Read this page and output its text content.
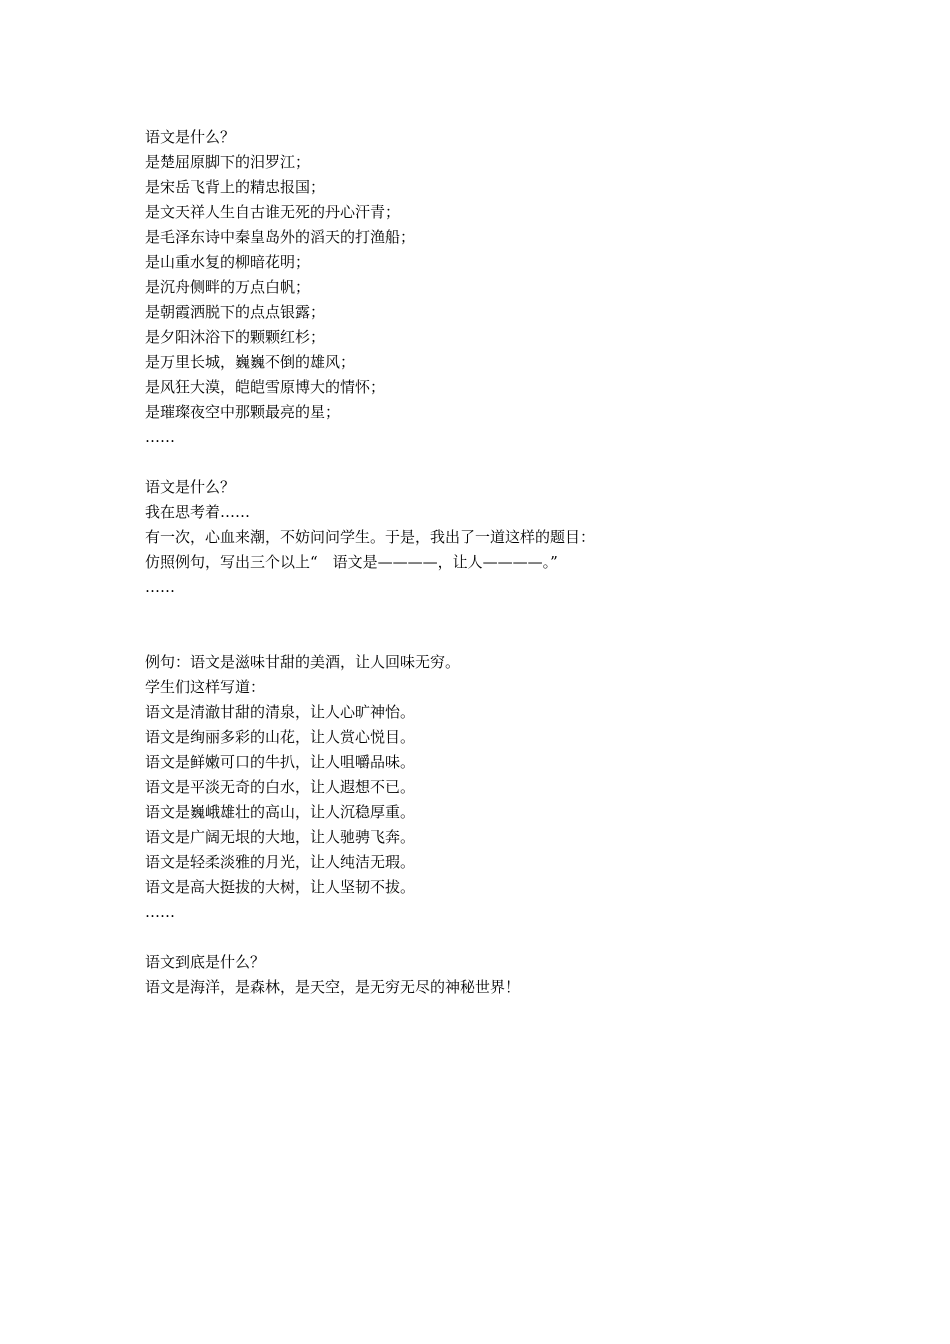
语文是什么？
是楚屈原脚下的汨罗江；
是宋岳飞背上的精忠报国；
是文天祥人生自古谁无死的丹心汗青；
是毛泽东诗中秦皇岛外的滔天的打渔船；
是山重水复的柳暗花明；
是沉舟侧畔的万点白帆；
是朝霞洒脱下的点点银露；
是夕阳沐浴下的颗颗红杉；
是万里长城，巍巍不倒的雄风；
是风狂大漠，皑皑雪原博大的情怀；
是璀璨夜空中那颗最亮的星；
……
语文是什么？
我在思考着……
有一次，心血来潮，不妨问问学生。于是，我出了一道这样的题目：
仿照例句，写出三个以上“　语文是————，让人————。”
……
例句：语文是滋味甘甜的美酒，让人回味无穷。
学生们这样写道：
语文是清澈甘甜的清泉，让人心旷神怡。
语文是绚丽多彩的山花，让人赏心悦目。
语文是鲜嫩可口的牛扒，让人咀嚼品味。
语文是平淡无奇的白水，让人遐想不已。
语文是巍峨雄壮的高山，让人沉稳厚重。
语文是广阔无垠的大地，让人驰骋飞奔。
语文是轻柔淡雅的月光，让人纯洁无瑕。
语文是高大挺拔的大树，让人坚韧不拔。
……
语文到底是什么？
语文是海洋，是森林，是天空，是无穷无尽的神秘世界！
